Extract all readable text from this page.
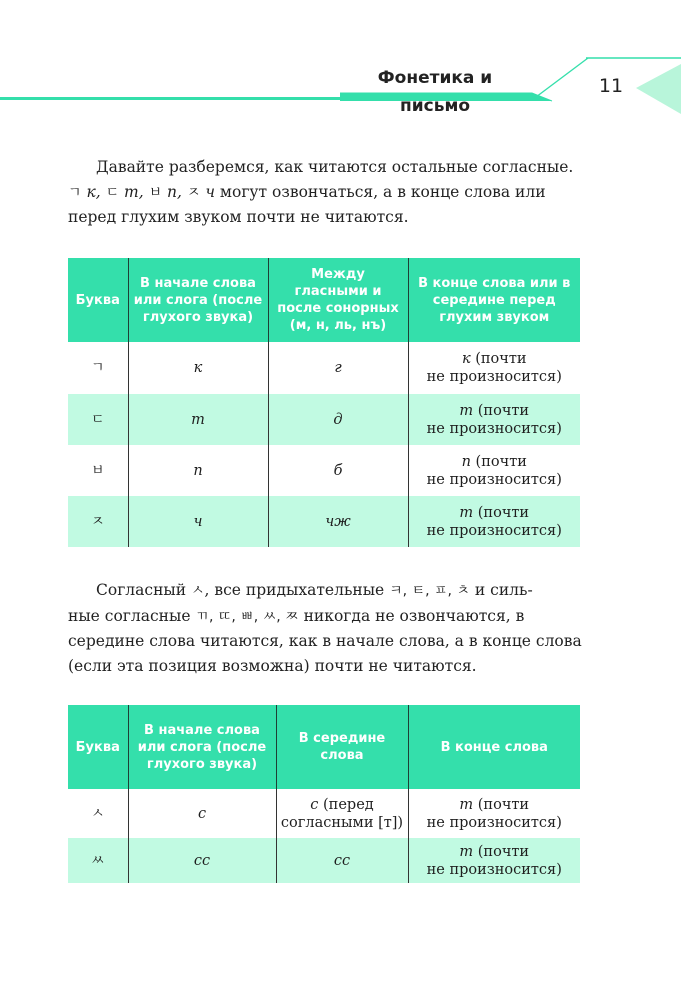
Фонетика и письмо
11
Давайте разберемся, как читаются остальные согласные.
ㄱ к, ㄷ т, ㅂ п, ㅈ ч могут озвончаться, а в конце слова или
перед глухим звуком почти не читаются.
Буква	В начале слова или слога (после глухого звука)	Между гласными и после сонорных (м, н, ль, нъ)	В конце слова или в середине перед глухим звуком
ㄱ	к	г	к (почти
не произносится)
ㄷ	т	д	т (почти
не произносится)
ㅂ	п	б	п (почти
не произносится)
ㅈ	ч	чж	т (почти
не произносится)
Согласный ㅅ, все придыхательные ㅋ, ㅌ, ㅍ, ㅊ и силь-
ные согласные ㄲ, ㄸ, ㅃ, ㅆ, ㅉ никогда не озвончаются, в
середине слова читаются, как в начале слова, а в конце слова
(если эта позиция возможна) почти не читаются.
Буква	В начале слова или слога (после глухого звука)	В середине слова	В конце слова
ㅅ	с	с (перед
согласными [т])	т (почти
не произносится)
ㅆ	сс	сс	т (почти
не произносится)
